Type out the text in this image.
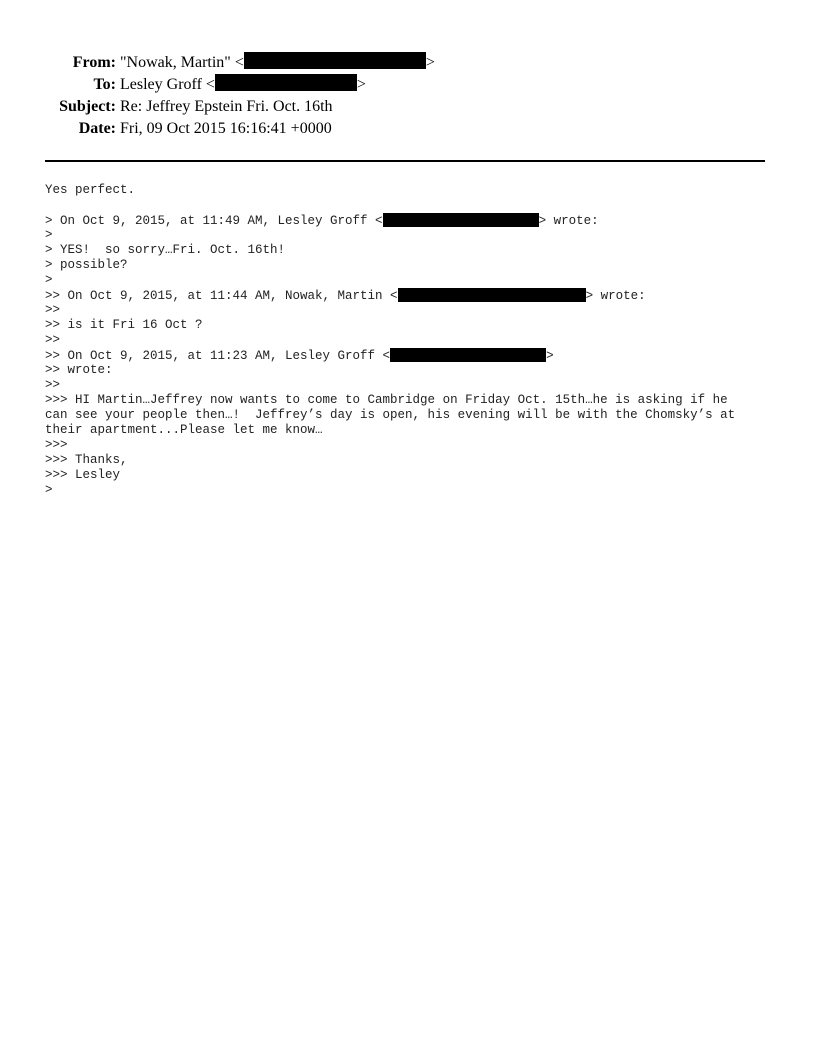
From: "Nowak, Martin" <	>
To: Lesley Groff <	>
Subject: Re: Jeffrey Epstein Fri. Oct. 16th
Date: Fri, 09 Oct 2015 16:16:41 +0000
Yes perfect.
> On Oct 9, 2015, at 11:49 AM, Lesley Groff <	> wrote:
>
> YES!  so sorry…Fri. Oct. 16th!
> possible?
>
>> On Oct 9, 2015, at 11:44 AM, Nowak, Martin <	> wrote:
>>
>> is it Fri 16 Oct ?
>>
>> On Oct 9, 2015, at 11:23 AM, Lesley Groff <	>
>> wrote:
>>
>>> HI Martin…Jeffrey now wants to come to Cambridge on Friday Oct. 15th…he is asking if he
can see your people then…!  Jeffrey’s day is open, his evening will be with the Chomsky’s at
their apartment...Please let me know…
>>>
>>> Thanks,
>>> Lesley
>
